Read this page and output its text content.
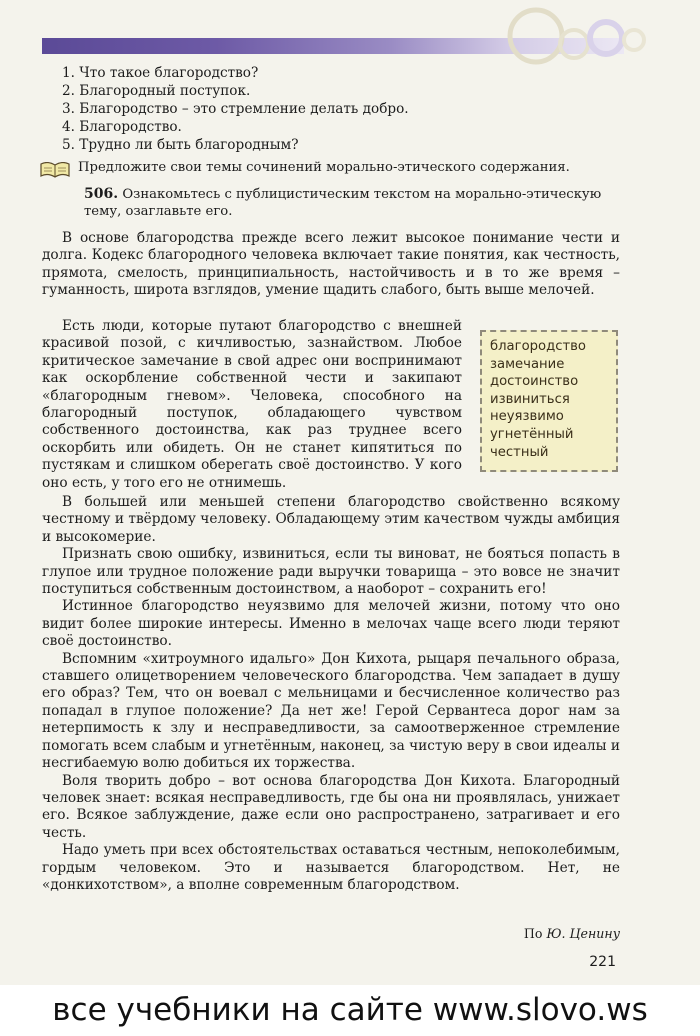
1. Что такое благородство?
2. Благородный поступок.
3. Благородство – это стремление делать добро.
4. Благородство.
5. Трудно ли быть благородным?
Предложите свои темы сочинений морально-этического содержания.
506. Ознакомьтесь с публицистическим текстом на морально-этическую тему, озаглавьте его.

В основе благородства прежде всего лежит высокое понимание чести и долга. Кодекс благородного человека включает такие понятия, как честность, прямота, смелость, принципиальность, настойчивость и в то же время – гуманность, широта взглядов, умение щадить слабого, быть выше мелочей.

Есть люди, которые путают благородство с внешней красивой позой, с кичливостью, зазнайством. Любое критическое замечание в свой адрес они воспринимают как оскорбление собственной чести и закипают «благородным гневом». Человека, способного на благородный поступок, обладающего чувством собственного достоинства, как раз труднее всего оскорбить или обидеть. Он не станет кипятиться по пустякам и слишком оберегать своё достоинство. У кого оно есть, у того его не отнимешь.

благородство
замечание
достоинство
извиниться
неуязвимо
угнетённый
честный

В большей или меньшей степени благородство свойственно всякому честному и твёрдому человеку. Обладающему этим качеством чужды амбиция и высокомерие.

Признать свою ошибку, извиниться, если ты виноват, не бояться попасть в глупое или трудное положение ради выручки товарища – это вовсе не значит поступиться собственным достоинством, а наоборот – сохранить его!

Истинное благородство неуязвимо для мелочей жизни, потому что оно видит более широкие интересы. Именно в мелочах чаще всего люди теряют своё достоинство.

Вспомним «хитроумного идальго» Дон Кихота, рыцаря печального образа, ставшего олицетворением человеческого благородства. Чем западает в душу его образ? Тем, что он воевал с мельницами и бесчисленное количество раз попадал в глупое положение? Да нет же! Герой Сервантеса дорог нам за нетерпимость к злу и несправедливости, за самоотверженное стремление помогать всем слабым и угнетённым, наконец, за чистую веру в свои идеалы и несгибаемую волю добиться их торжества.

Воля творить добро – вот основа благородства Дон Кихота. Благородный человек знает: всякая несправедливость, где бы она ни проявлялась, унижает его. Всякое заблуждение, даже если оно распространено, затрагивает и его честь.

Надо уметь при всех обстоятельствах оставаться честным, непоколебимым, гордым человеком. Это и называется благородством. Нет, не «донкихотством», а вполне современным благородством.

По Ю. Ценину
221
все учебники на сайте www.slovo.ws
